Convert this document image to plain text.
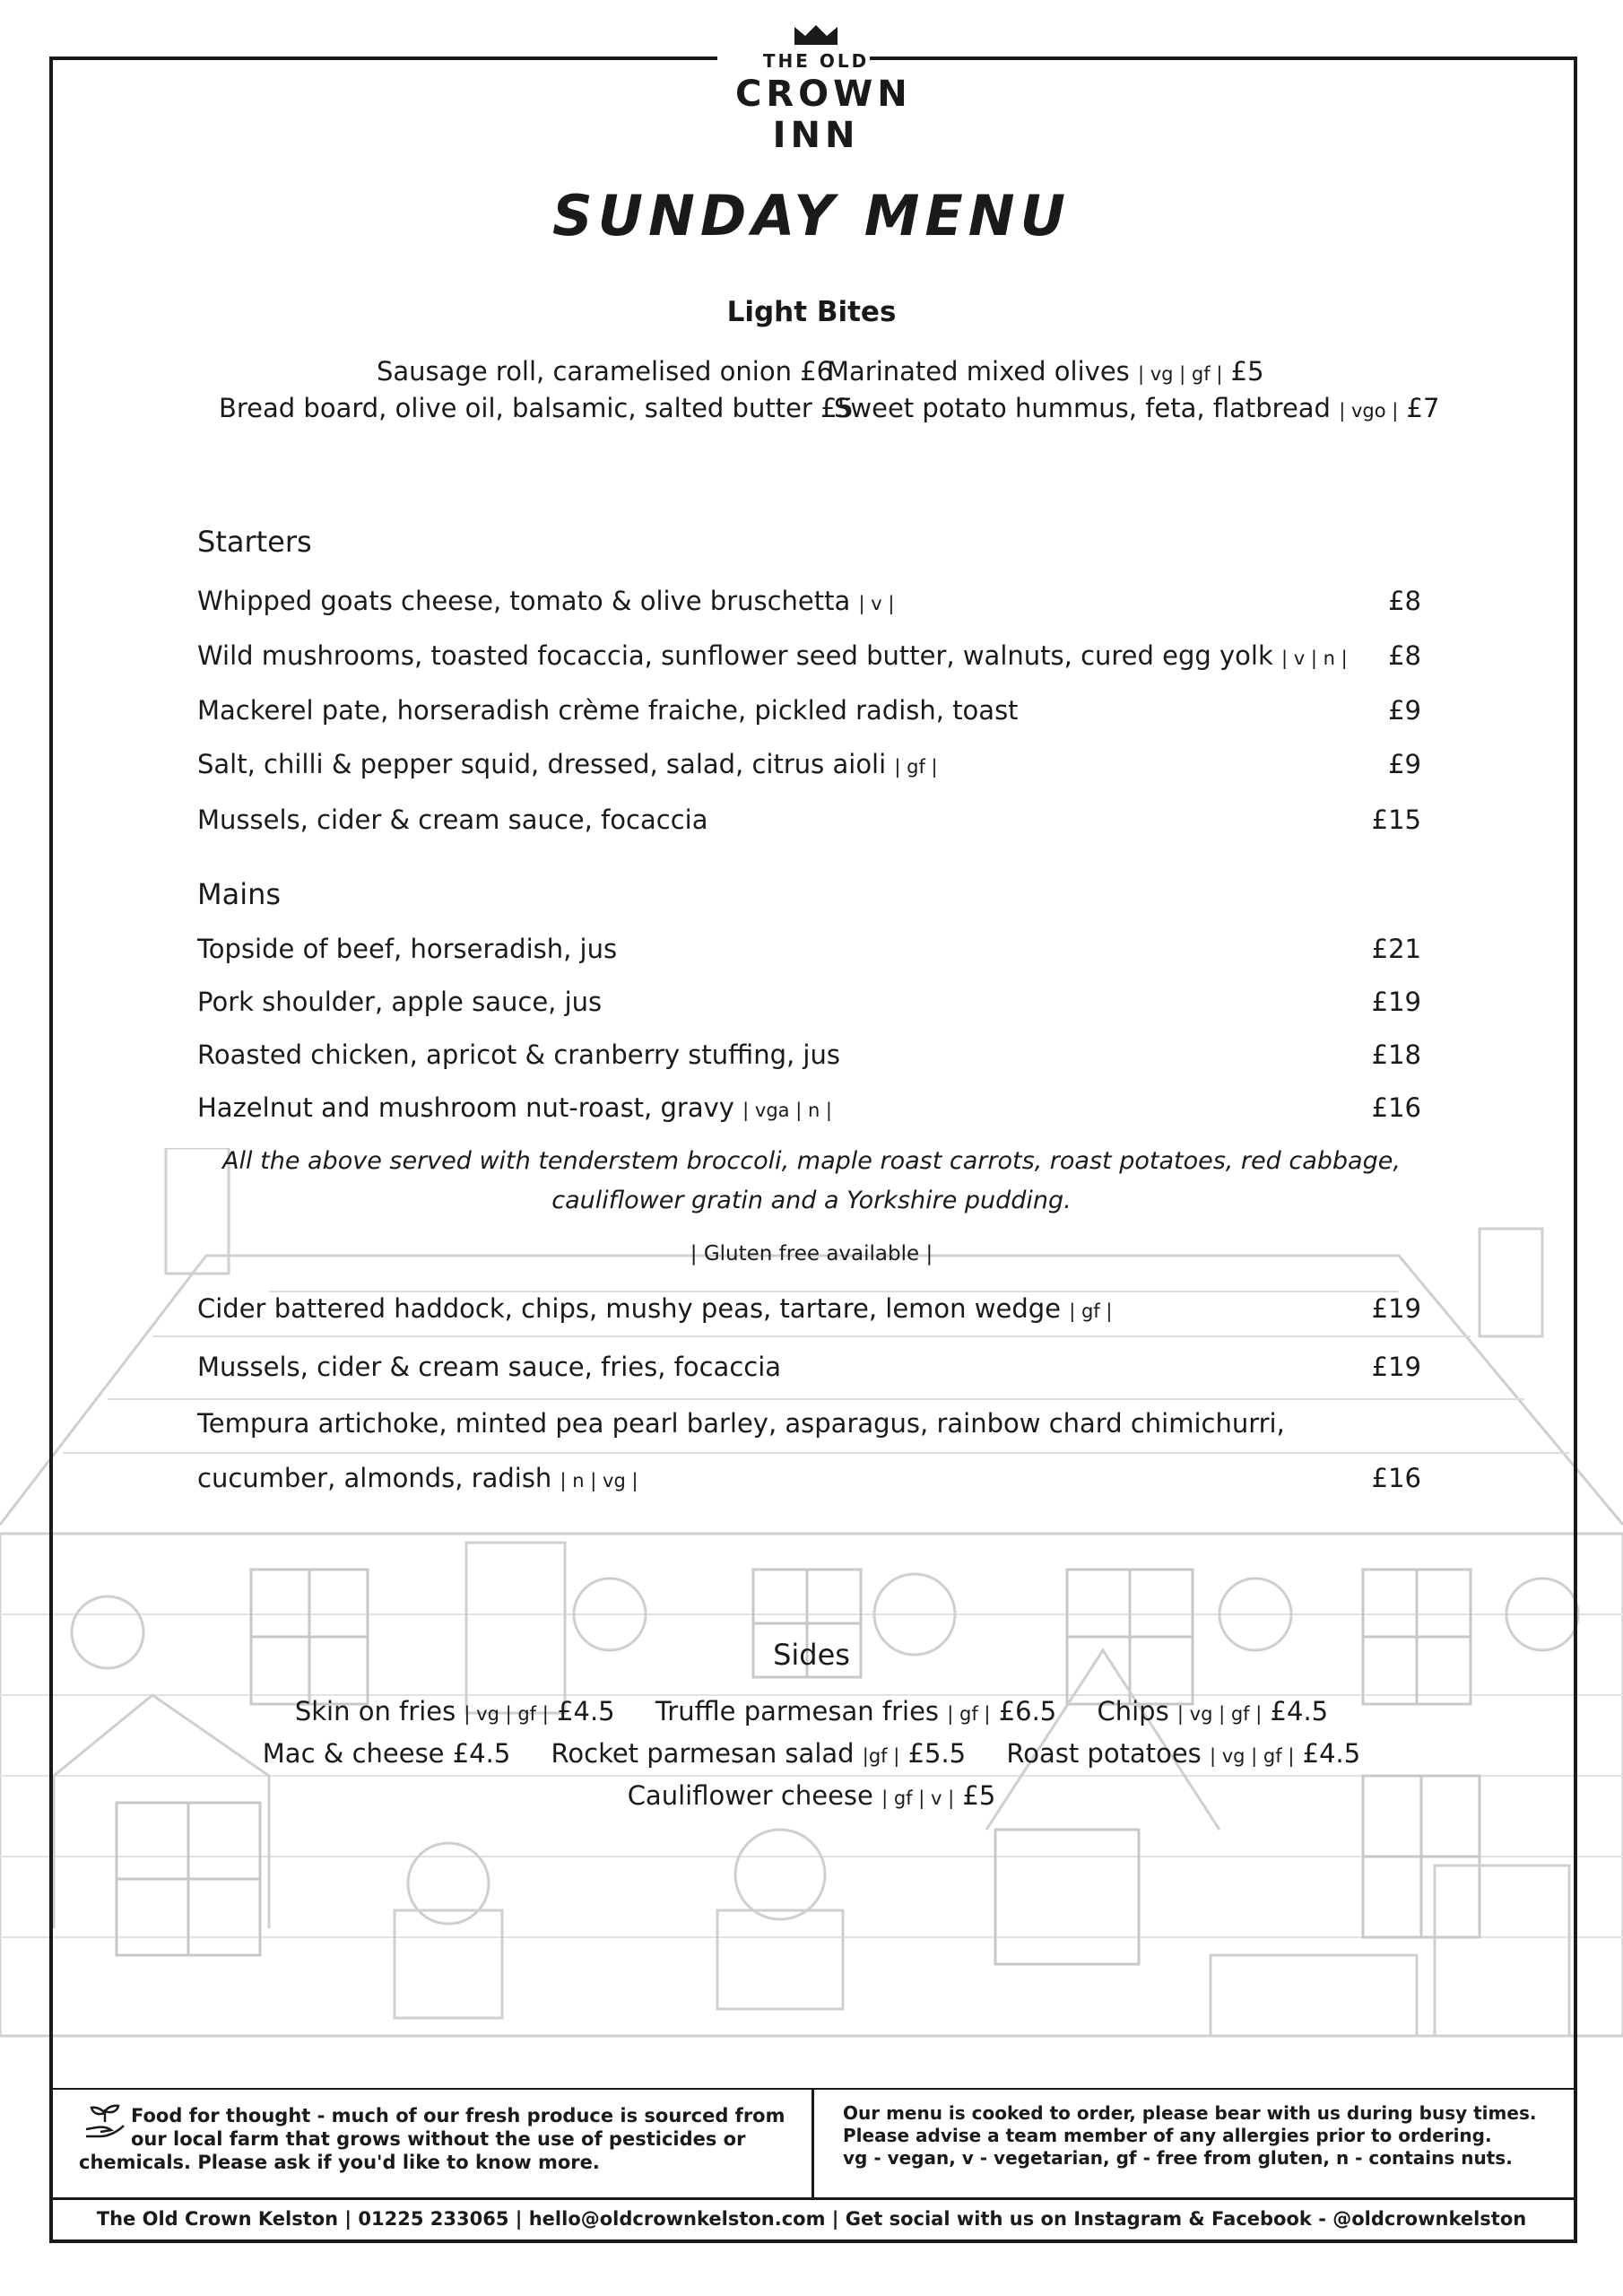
THE OLD
CROWN
INN
SUNDAY MENU
Light Bites
Sausage roll, caramelised onion £6
Marinated mixed olives | vg | gf | £5
Bread board, olive oil, balsamic, salted butter £5
Sweet potato hummus, feta, flatbread | vgo | £7
Starters
Whipped goats cheese, tomato & olive bruschetta | v |	£8
Wild mushrooms, toasted focaccia, sunflower seed butter, walnuts, cured egg yolk | v | n | £8
Mackerel pate, horseradish crème fraiche, pickled radish, toast	£9
Salt, chilli & pepper squid, dressed, salad, citrus aioli | gf |	£9
Mussels, cider & cream sauce, focaccia	£15
Mains
Topside of beef, horseradish, jus	£21
Pork shoulder, apple sauce, jus	£19
Roasted chicken, apricot & cranberry stuffing, jus	£18
Hazelnut and mushroom nut-roast, gravy | vga | n |	£16
All the above served with tenderstem broccoli, maple roast carrots, roast potatoes, red cabbage,
cauliflower gratin and a Yorkshire pudding.
| Gluten free available |
Cider battered haddock, chips, mushy peas, tartare, lemon wedge | gf |	£19
Mussels, cider & cream sauce, fries, focaccia	£19
Tempura artichoke, minted pea pearl barley, asparagus, rainbow chard chimichurri,
cucumber, almonds, radish | n | vg |	£16
Sides
Skin on fries | vg | gf | £4.5 Truffle parmesan fries | gf | £6.5 Chips | vg | gf | £4.5
Mac & cheese £4.5 Rocket parmesan salad |gf | £5.5 Roast potatoes | vg | gf | £4.5
Cauliflower cheese | gf | v | £5
Food for thought - much of our fresh produce is sourced from
our local farm that grows without the use of pesticides or
chemicals. Please ask if you'd like to know more.
Our menu is cooked to order, please bear with us during busy times.
Please advise a team member of any allergies prior to ordering.
vg - vegan, v - vegetarian, gf - free from gluten, n - contains nuts.
The Old Crown Kelston | 01225 233065 | hello@oldcrownkelston.com | Get social with us on Instagram & Facebook - @oldcrownkelston
